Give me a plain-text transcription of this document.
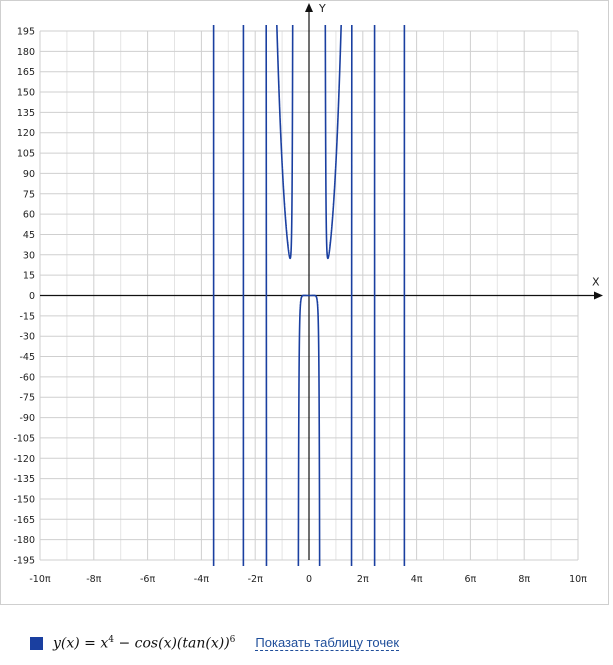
195
180
165
150
135
120
105
90
75
60
45
30
15
0
-15
-30
-45
-60
-75
-90
-105
-120
-135
-150
-165
-180
-195
-10π	-8π	-6π	-4π	-2π	0	2π	4π	6π	8π	10π
X
Y
$y(x) = x^4 - \cos(x)(\tan(x))^6$ Показать таблицу точек
